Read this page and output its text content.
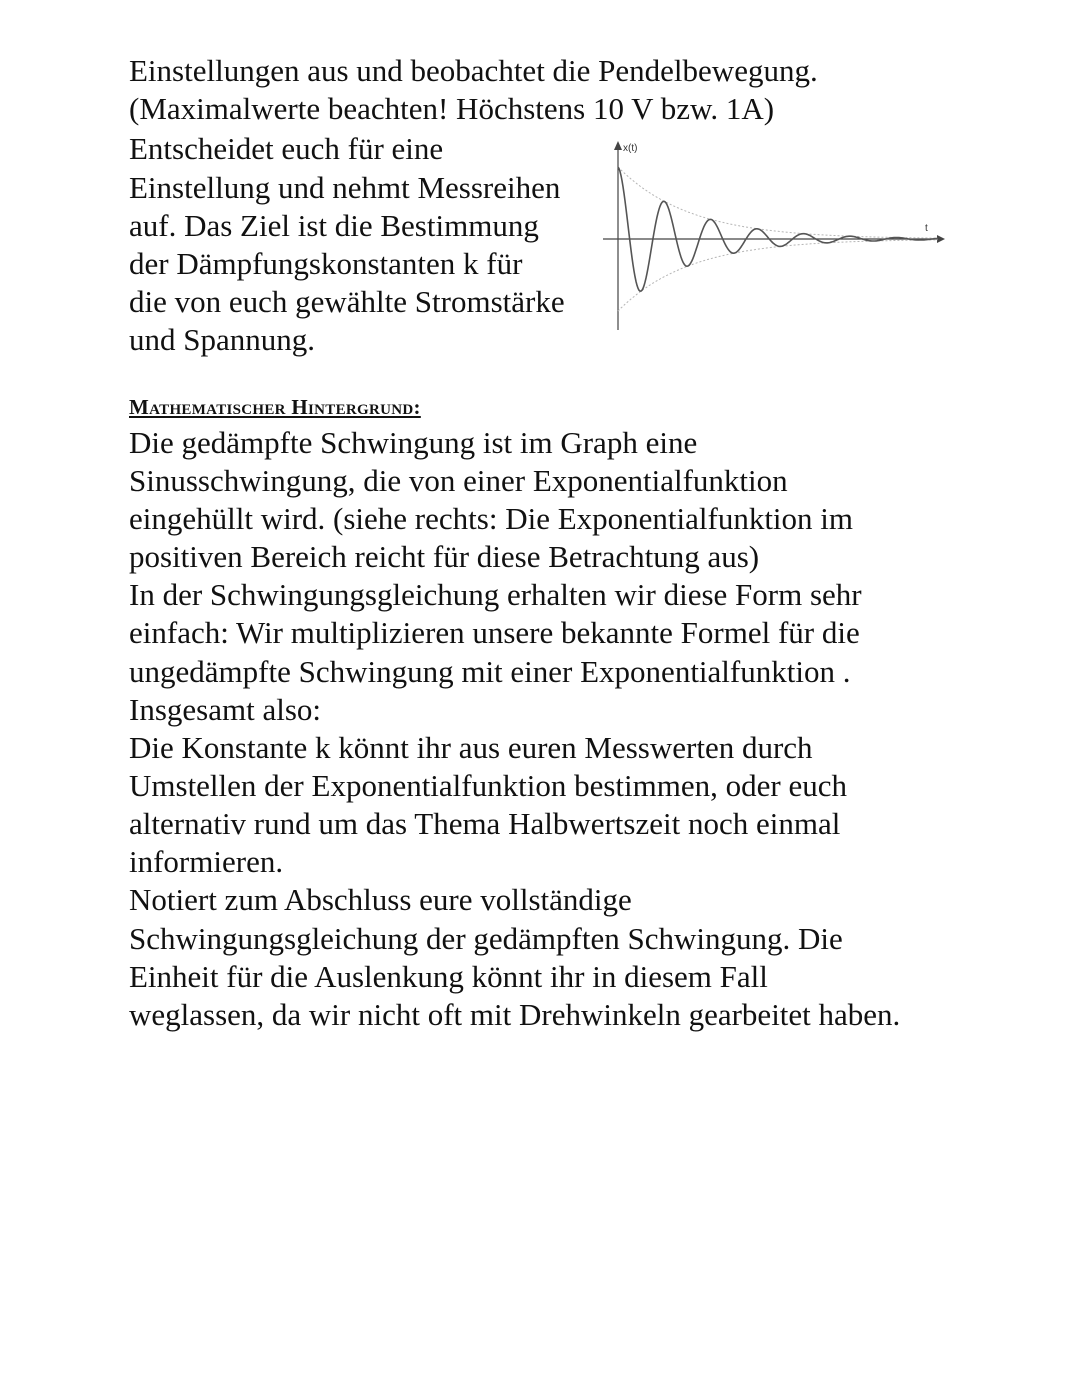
Einstellungen aus und beobachtet die Pendelbewegung.
(Maximalwerte beachten! Höchstens 10 V bzw. 1A)
Entscheidet euch für eine
Einstellung und nehmt Messreihen
auf. Das Ziel ist die Bestimmung
der Dämpfungskonstanten k für
die von euch gewählte Stromstärke
und Spannung.
x(t)
t
Mathematischer Hintergrund:
Die gedämpfte Schwingung ist im Graph eine
Sinusschwingung, die von einer Exponentialfunktion
eingehüllt wird. (siehe rechts: Die Exponentialfunktion im
positiven Bereich reicht für diese Betrachtung aus)
In der Schwingungsgleichung erhalten wir diese Form sehr
einfach: Wir multiplizieren unsere bekannte Formel für die
ungedämpfte Schwingung mit einer Exponentialfunktion .
Insgesamt also:
Die Konstante k könnt ihr aus euren Messwerten durch
Umstellen der Exponentialfunktion bestimmen, oder euch
alternativ rund um das Thema Halbwertszeit noch einmal
informieren.
Notiert zum Abschluss eure vollständige
Schwingungsgleichung der gedämpften Schwingung. Die
Einheit für die Auslenkung könnt ihr in diesem Fall
weglassen, da wir nicht oft mit Drehwinkeln gearbeitet haben.
